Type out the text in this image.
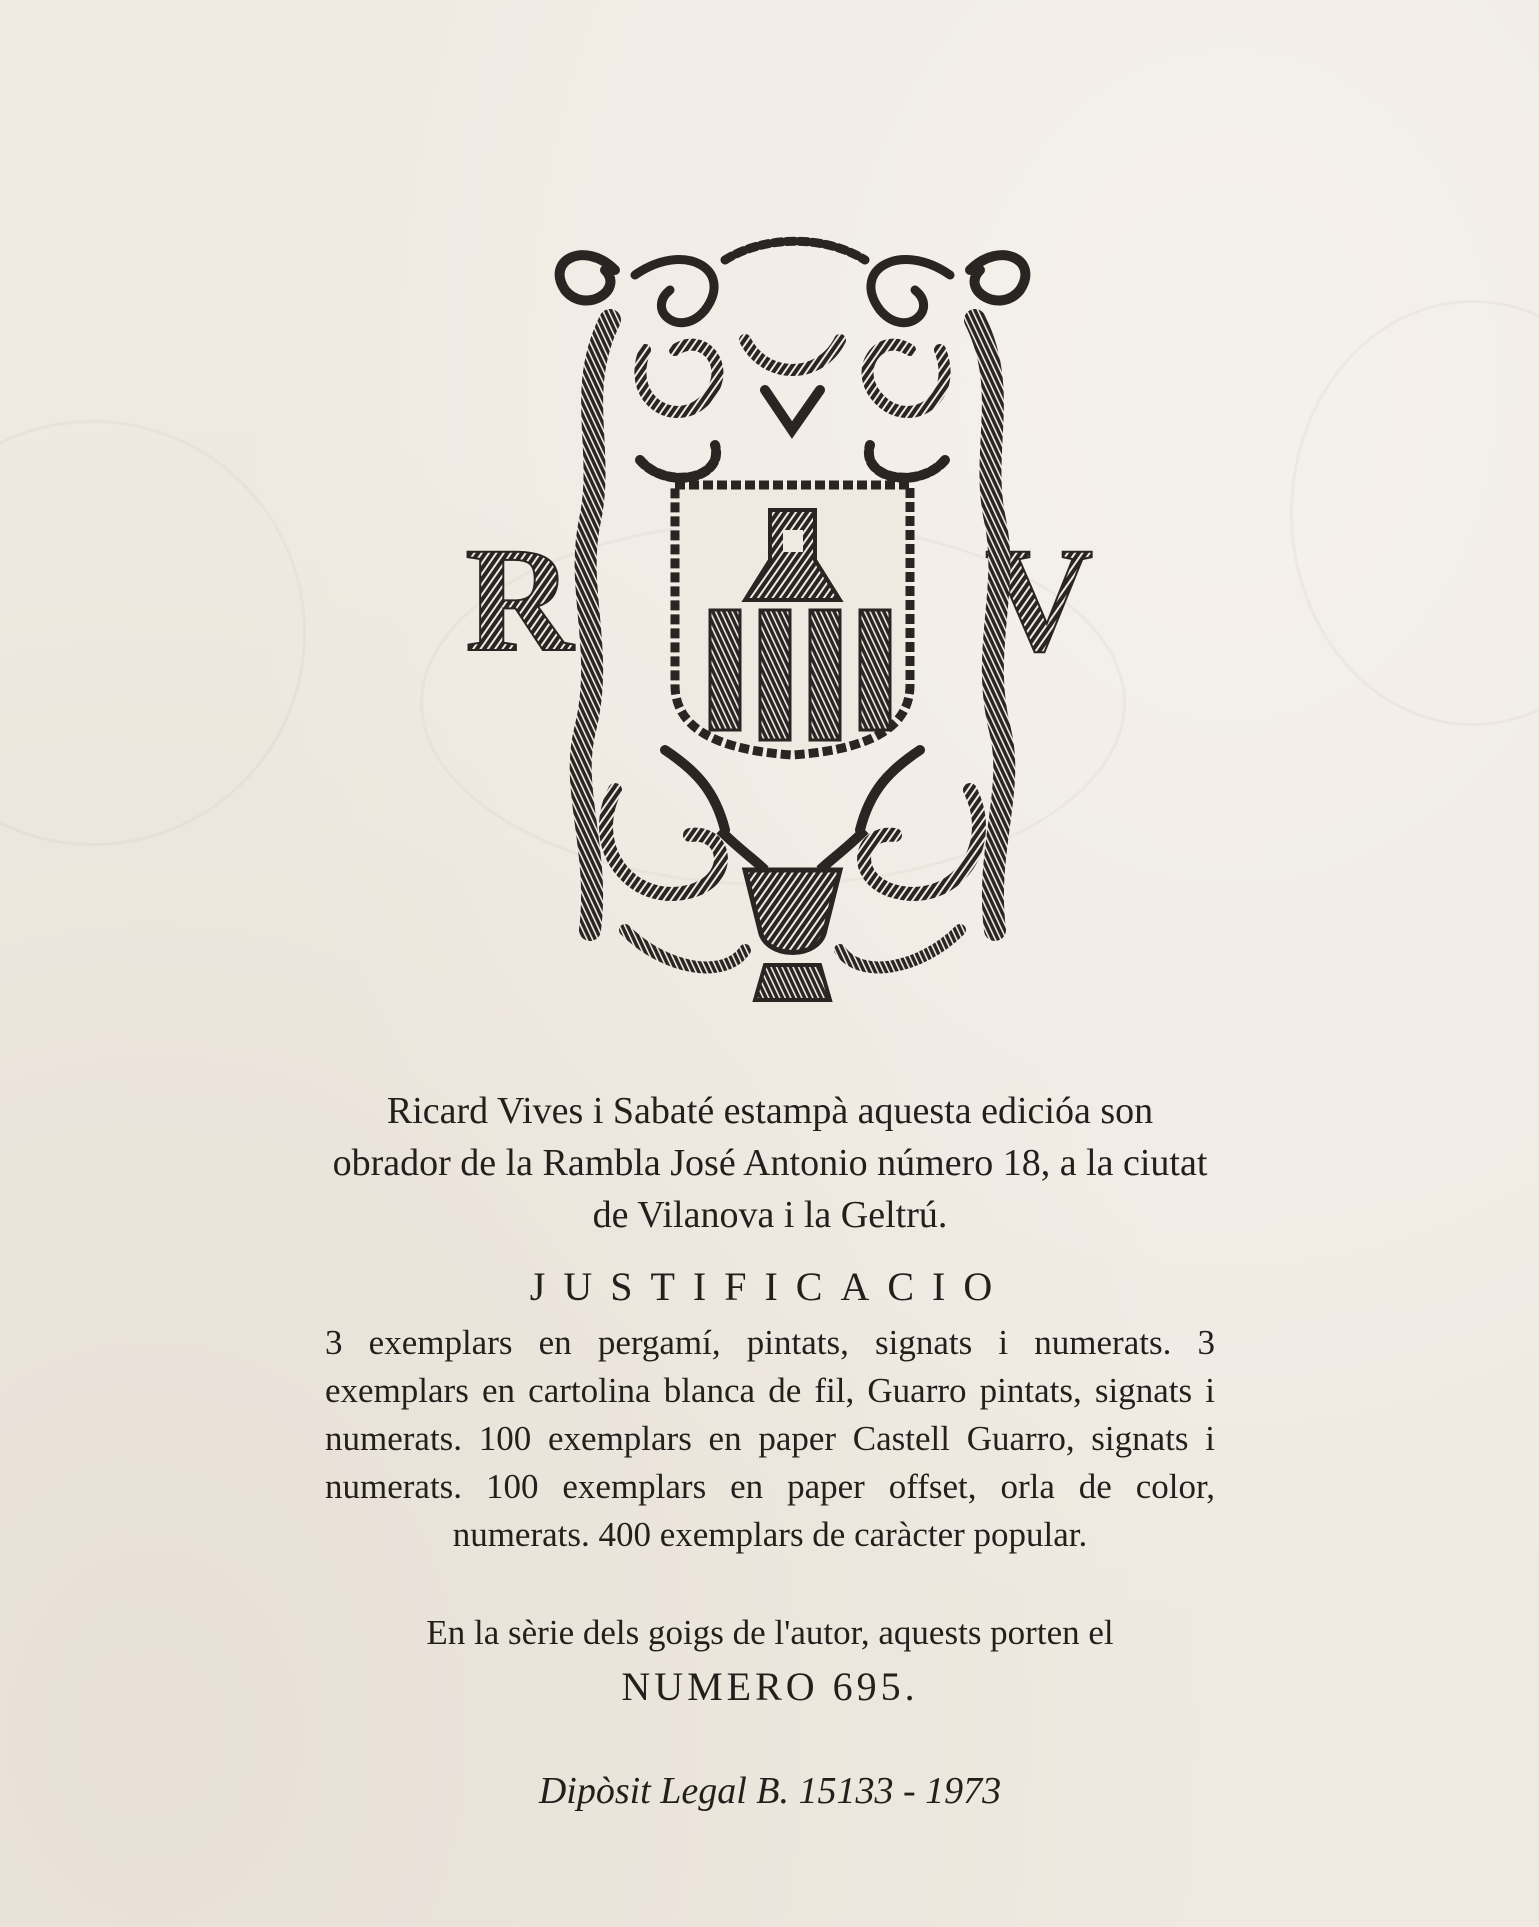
R	V

Ricard Vives i Sabaté estampà aquesta edicióa son obrador de la Rambla José Antonio número 18, a la ciutat de Vilanova i la Geltrú.

JUSTIFICACIO

3 exemplars en pergamí, pintats, signats i numerats. 3 exemplars en cartolina blanca de fil, Guarro pintats, signats i numerats. 100 exemplars en paper Castell Guarro, signats i numerats. 100 exemplars en paper offset, orla de color, numerats. 400 exemplars de caràcter popular.

En la sèrie dels goigs de l'autor, aquests porten el

NUMERO 695.

Dipòsit Legal B. 15133 - 1973
